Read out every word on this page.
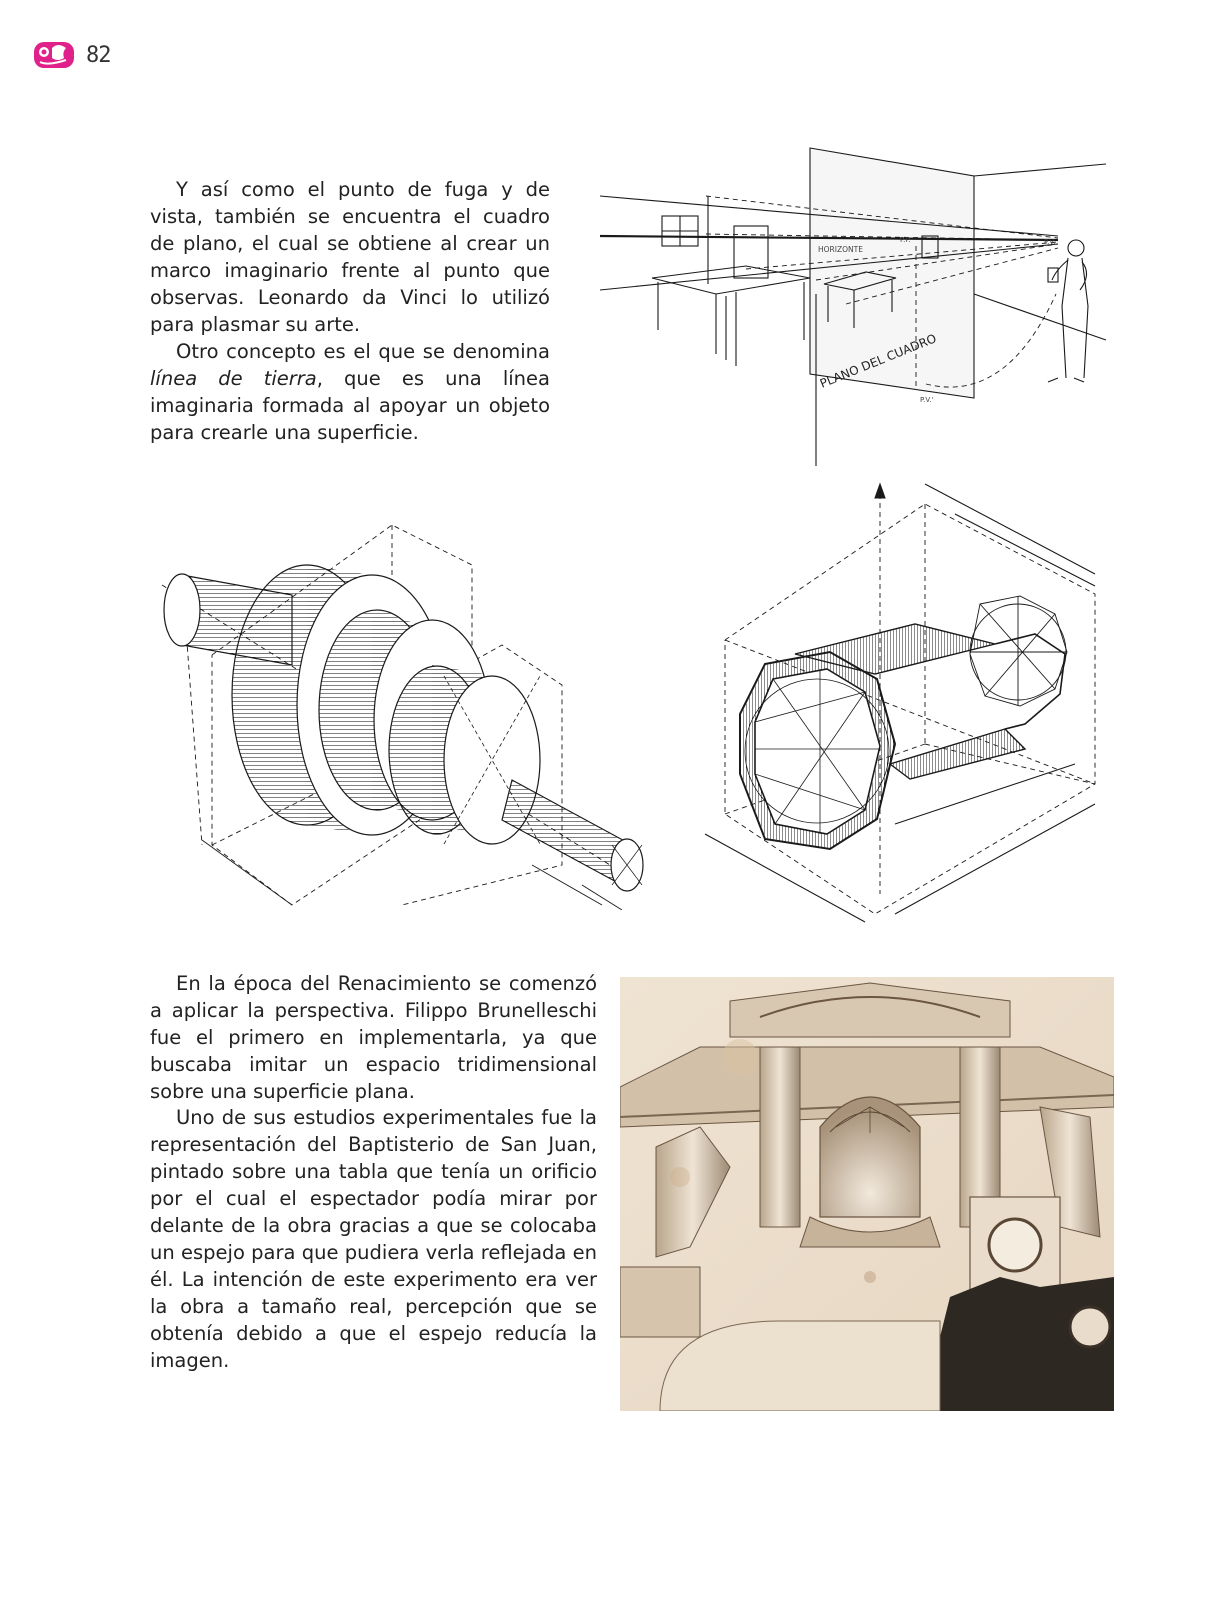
82

Y así como el punto de fuga y de vista, también se encuentra el cuadro de plano, el cual se obtiene al crear un marco imaginario frente al punto que observas. Leonardo da Vinci lo utilizó para plasmar su arte.

Otro concepto es el que se denomina línea de tierra, que es una línea imaginaria formada al apoyar un objeto para crearle una superficie.

HORIZONTE
P.P.	P.V.
P.V.'
PLANO DEL CUADRO

En la época del Renacimiento se comenzó a aplicar la perspectiva. Filippo Brunelleschi fue el primero en implementarla, ya que buscaba imitar un espacio tridimensional sobre una superficie plana.

Uno de sus estudios experimentales fue la representación del Baptisterio de San Juan, pintado sobre una tabla que tenía un orificio por el cual el espectador podía mirar por delante de la obra gracias a que se colocaba un espejo para que pudiera verla reflejada en él. La intención de este experimento era ver la obra a tamaño real, percepción que se obtenía debido a que el espejo reducía la imagen.
